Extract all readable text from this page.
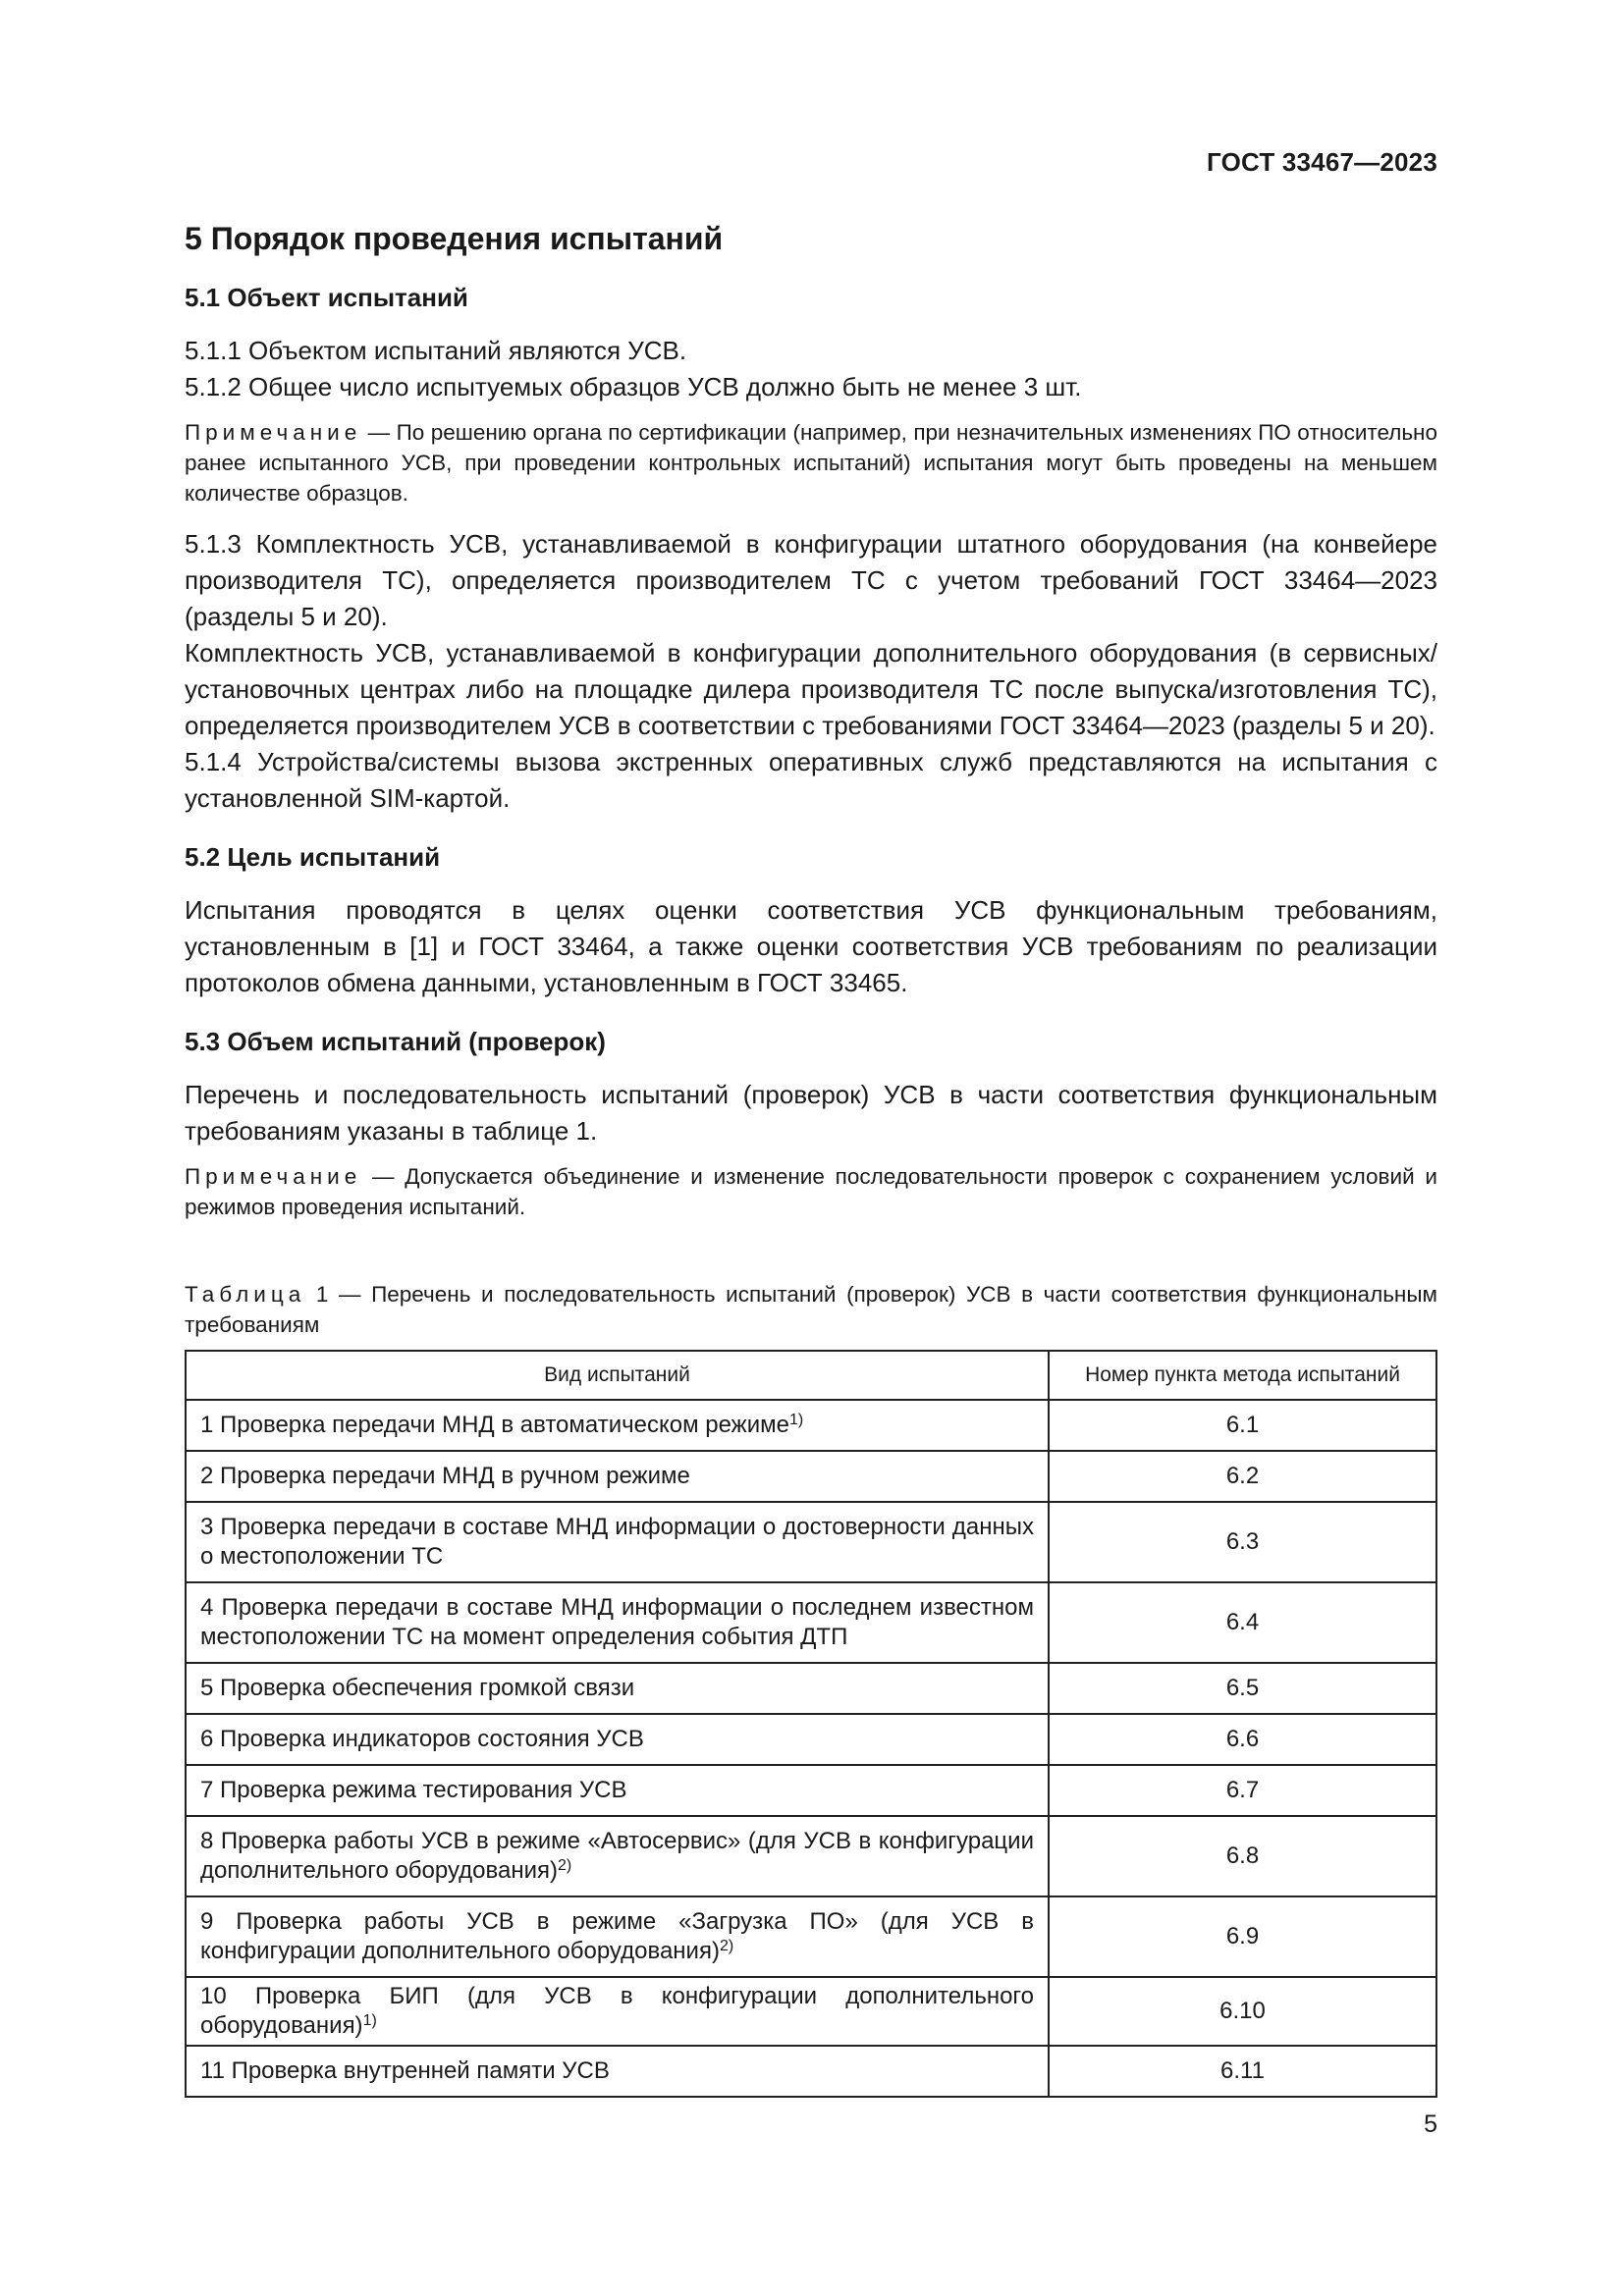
ГОСТ 33467—2023
5 Порядок проведения испытаний
5.1 Объект испытаний

5.1.1 Объектом испытаний являются УСВ.

5.1.2 Общее число испытуемых образцов УСВ должно быть не менее 3 шт.

Примечание — По решению органа по сертификации (например, при незначительных изменениях ПО относительно ранее испытанного УСВ, при проведении контрольных испытаний) испытания могут быть проведены на меньшем количестве образцов.

5.1.3 Комплектность УСВ, устанавливаемой в конфигурации штатного оборудования (на конвейере производителя ТС), определяется производителем ТС с учетом требований ГОСТ 33464—2023 (разделы 5 и 20).

Комплектность УСВ, устанавливаемой в конфигурации дополнительного оборудования (в сервисных/установочных центрах либо на площадке дилера производителя ТС после выпуска/изготовления ТС), определяется производителем УСВ в соответствии с требованиями ГОСТ 33464—2023 (разделы 5 и 20).

5.1.4 Устройства/системы вызова экстренных оперативных служб представляются на испытания с установленной SIM-картой.

5.2 Цель испытаний

Испытания проводятся в целях оценки соответствия УСВ функциональным требованиям, установленным в [1] и ГОСТ 33464, а также оценки соответствия УСВ требованиям по реализации протоколов обмена данными, установленным в ГОСТ 33465.

5.3 Объем испытаний (проверок)

Перечень и последовательность испытаний (проверок) УСВ в части соответствия функциональным требованиям указаны в таблице 1.

Примечание — Допускается объединение и изменение последовательности проверок с сохранением условий и режимов проведения испытаний.
Таблица 1 — Перечень и последовательность испытаний (проверок) УСВ в части соответствия функциональным требованиям
Вид испытаний	Номер пункта метода испытаний
1 Проверка передачи МНД в автоматическом режиме$^{1)}$	6.1
2 Проверка передачи МНД в ручном режиме	6.2
3 Проверка передачи в составе МНД информации о достоверности данных о местоположении ТС	6.3
4 Проверка передачи в составе МНД информации о последнем известном местоположении ТС на момент определения события ДТП	6.4
5 Проверка обеспечения громкой связи	6.5
6 Проверка индикаторов состояния УСВ	6.6
7 Проверка режима тестирования УСВ	6.7
8 Проверка работы УСВ в режиме «Автосервис» (для УСВ в конфигурации дополнительного оборудования)$^{2)}$	6.8
9 Проверка работы УСВ в режиме «Загрузка ПО» (для УСВ в конфигурации дополнительного оборудования)$^{2)}$	6.9
10 Проверка БИП (для УСВ в конфигурации дополнительного оборудования)$^{1)}$	6.10
11 Проверка внутренней памяти УСВ	6.11
5
